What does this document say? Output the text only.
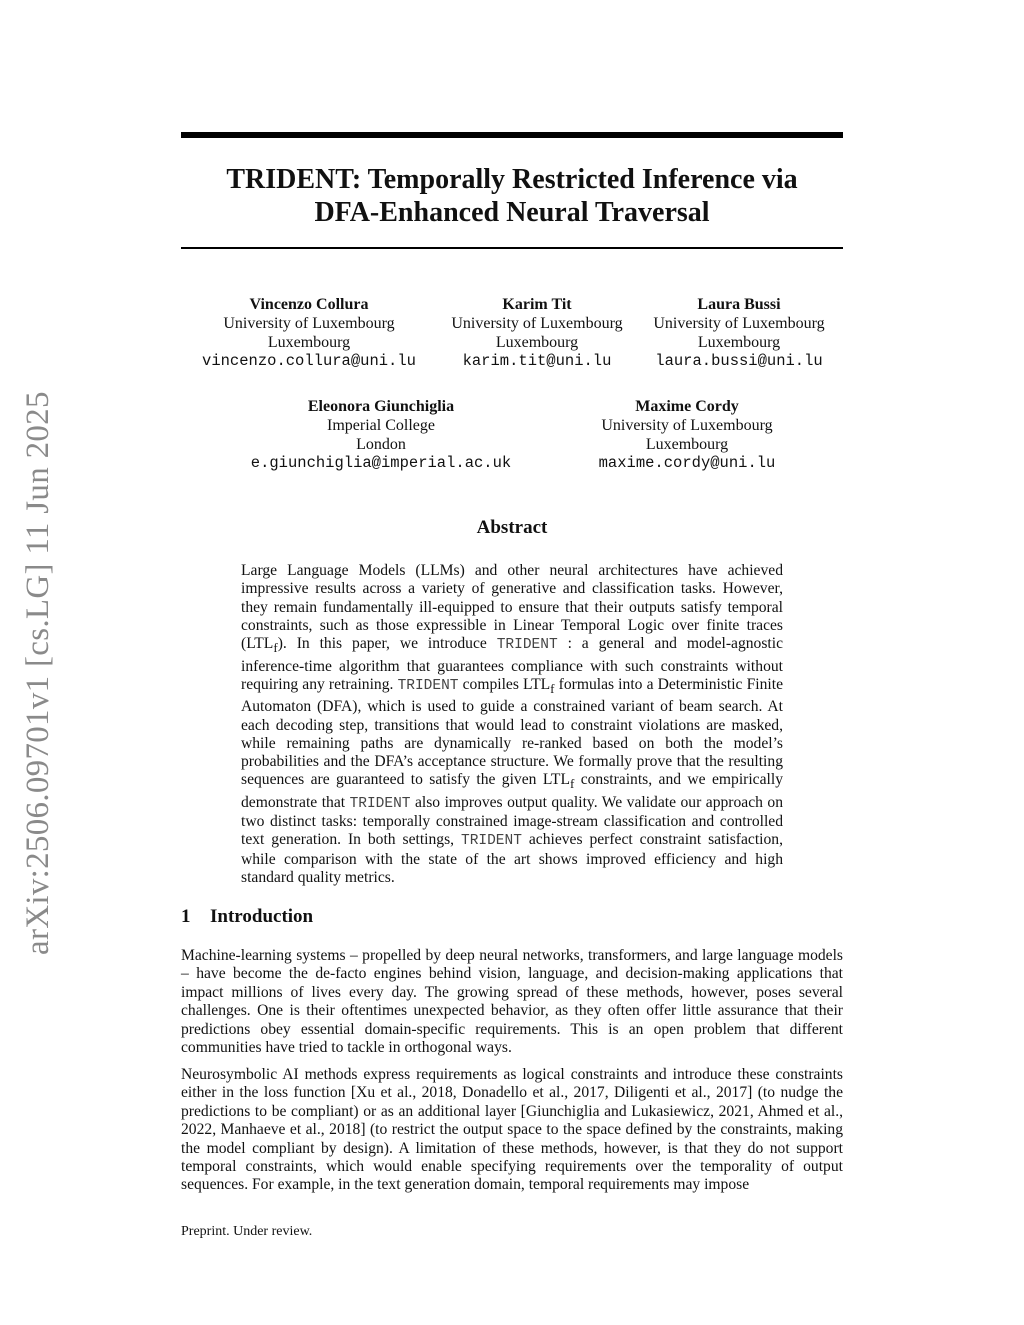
arXiv:2506.09701v1 [cs.LG] 11 Jun 2025
TRIDENT: Temporally Restricted Inference via
DFA-Enhanced Neural Traversal
Vincenzo Collura
University of Luxembourg
Luxembourg
vincenzo.collura@uni.lu
Karim Tit
University of Luxembourg
Luxembourg
karim.tit@uni.lu
Laura Bussi
University of Luxembourg
Luxembourg
laura.bussi@uni.lu
Eleonora Giunchiglia
Imperial College
London
e.giunchiglia@imperial.ac.uk
Maxime Cordy
University of Luxembourg
Luxembourg
maxime.cordy@uni.lu
Abstract
Large Language Models (LLMs) and other neural architectures have achieved impressive results across a variety of generative and classification tasks. However, they remain fundamentally ill-equipped to ensure that their outputs satisfy temporal constraints, such as those expressible in Linear Temporal Logic over finite traces $(LTL_f)$. In this paper, we introduce TRIDENT : a general and model-agnostic inference-time algorithm that guarantees compliance with such constraints without requiring any retraining. TRIDENT compiles $LTL_f$ formulas into a Deterministic Finite Automaton (DFA), which is used to guide a constrained variant of beam search. At each decoding step, transitions that would lead to constraint violations are masked, while remaining paths are dynamically re-ranked based on both the model’s probabilities and the DFA’s acceptance structure. We formally prove that the resulting sequences are guaranteed to satisfy the given $LTL_f$ constraints, and we empirically demonstrate that TRIDENT also improves output quality. We validate our approach on two distinct tasks: temporally constrained image-stream classification and controlled text generation. In both settings, TRIDENT achieves perfect constraint satisfaction, while comparison with the state of the art shows improved efficiency and high standard quality metrics.
1 Introduction
Machine-learning systems – propelled by deep neural networks, transformers, and large language models – have become the de-facto engines behind vision, language, and decision-making applications that impact millions of lives every day. The growing spread of these methods, however, poses several challenges. One is their oftentimes unexpected behavior, as they often offer little assurance that their predictions obey essential domain-specific requirements. This is an open problem that different communities have tried to tackle in orthogonal ways.
Neurosymbolic AI methods express requirements as logical constraints and introduce these constraints either in the loss function [Xu et al., 2018, Donadello et al., 2017, Diligenti et al., 2017] (to nudge the predictions to be compliant) or as an additional layer [Giunchiglia and Lukasiewicz, 2021, Ahmed et al., 2022, Manhaeve et al., 2018] (to restrict the output space to the space defined by the constraints, making the model compliant by design). A limitation of these methods, however, is that they do not support temporal constraints, which would enable specifying requirements over the temporality of output sequences. For example, in the text generation domain, temporal requirements may impose
Preprint. Under review.
